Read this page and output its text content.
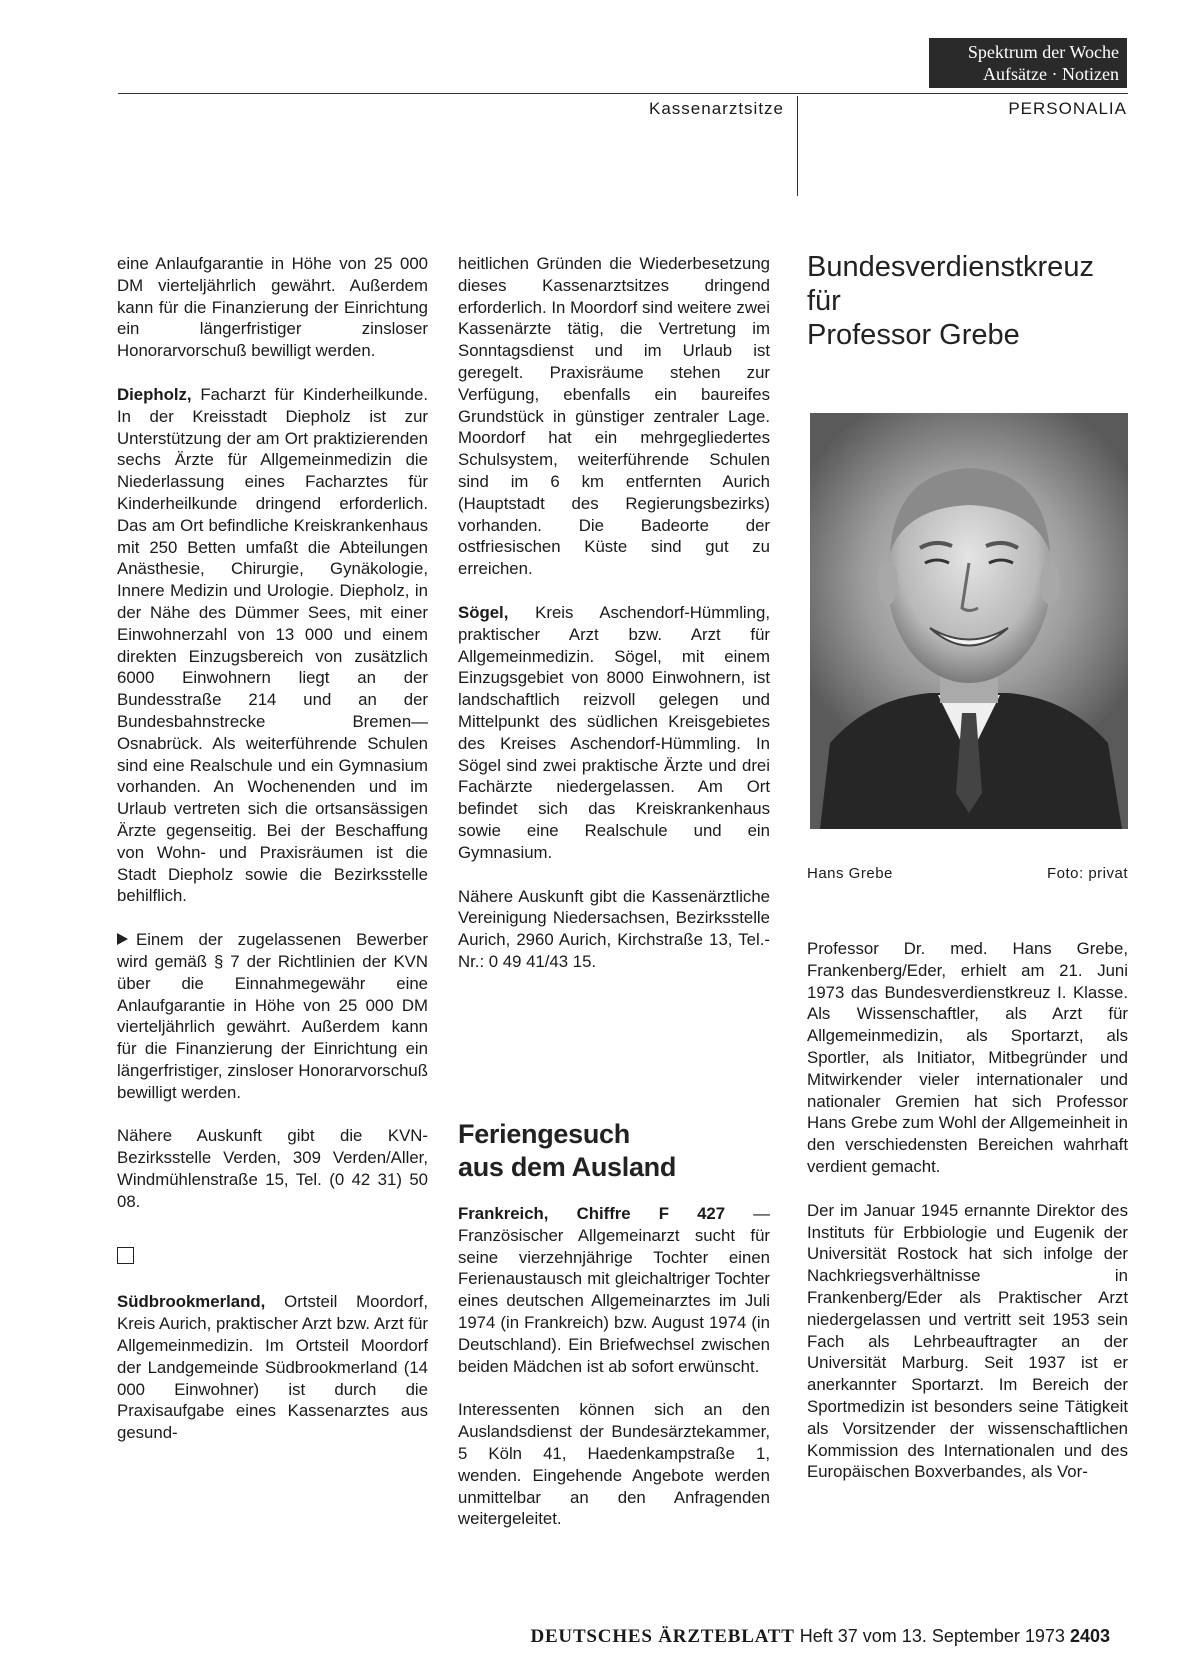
Spektrum der Woche
Aufsätze · Notizen
Kassenarztsitze	PERSONALIA

eine Anlaufgarantie in Höhe von 25 000 DM vierteljährlich gewährt. Außerdem kann für die Finanzierung der Einrichtung ein längerfristiger zinsloser Honorarvorschuß bewilligt werden.

Diepholz, Facharzt für Kinderheilkunde. In der Kreisstadt Diepholz ist zur Unterstützung der am Ort praktizierenden sechs Ärzte für Allgemeinmedizin die Niederlassung eines Facharztes für Kinderheilkunde dringend erforderlich. Das am Ort befindliche Kreiskrankenhaus mit 250 Betten umfaßt die Abteilungen Anästhesie, Chirurgie, Gynäkologie, Innere Medizin und Urologie. Diepholz, in der Nähe des Dümmer Sees, mit einer Einwohnerzahl von 13 000 und einem direkten Einzugsbereich von zusätzlich 6000 Einwohnern liegt an der Bundesstraße 214 und an der Bundesbahnstrecke Bremen—Osnabrück. Als weiterführende Schulen sind eine Realschule und ein Gymnasium vorhanden. An Wochenenden und im Urlaub vertreten sich die ortsansässigen Ärzte gegenseitig. Bei der Beschaffung von Wohn- und Praxisräumen ist die Stadt Diepholz sowie die Bezirksstelle behilflich.

Einem der zugelassenen Bewerber wird gemäß § 7 der Richtlinien der KVN über die Einnahmegewähr eine Anlaufgarantie in Höhe von 25 000 DM vierteljährlich gewährt. Außerdem kann für die Finanzierung der Einrichtung ein längerfristiger, zinsloser Honorarvorschuß bewilligt werden.

Nähere Auskunft gibt die KVN-Bezirksstelle Verden, 309 Verden/Aller, Windmühlenstraße 15, Tel. (0 42 31) 50 08.

Südbrookmerland, Ortsteil Moordorf, Kreis Aurich, praktischer Arzt bzw. Arzt für Allgemeinmedizin. Im Ortsteil Moordorf der Landgemeinde Südbrookmerland (14 000 Einwohner) ist durch die Praxisaufgabe eines Kassenarztes aus gesund-

heitlichen Gründen die Wiederbesetzung dieses Kassenarztsitzes dringend erforderlich. In Moordorf sind weitere zwei Kassenärzte tätig, die Vertretung im Sonntagsdienst und im Urlaub ist geregelt. Praxisräume stehen zur Verfügung, ebenfalls ein baureifes Grundstück in günstiger zentraler Lage. Moordorf hat ein mehrgegliedertes Schulsystem, weiterführende Schulen sind im 6 km entfernten Aurich (Hauptstadt des Regierungsbezirks) vorhanden. Die Badeorte der ostfriesischen Küste sind gut zu erreichen.

Sögel, Kreis Aschendorf-Hümmling, praktischer Arzt bzw. Arzt für Allgemeinmedizin. Sögel, mit einem Einzugsgebiet von 8000 Einwohnern, ist landschaftlich reizvoll gelegen und Mittelpunkt des südlichen Kreisgebietes des Kreises Aschendorf-Hümmling. In Sögel sind zwei praktische Ärzte und drei Fachärzte niedergelassen. Am Ort befindet sich das Kreiskrankenhaus sowie eine Realschule und ein Gymnasium.

Nähere Auskunft gibt die Kassenärztliche Vereinigung Niedersachsen, Bezirksstelle Aurich, 2960 Aurich, Kirchstraße 13, Tel.-Nr.: 0 49 41/43 15.

Feriengesuch
aus dem Ausland

Frankreich, Chiffre F 427 — Französischer Allgemeinarzt sucht für seine vierzehnjährige Tochter einen Ferienaustausch mit gleichaltriger Tochter eines deutschen Allgemeinarztes im Juli 1974 (in Frankreich) bzw. August 1974 (in Deutschland). Ein Briefwechsel zwischen beiden Mädchen ist ab sofort erwünscht.

Interessenten können sich an den Auslandsdienst der Bundesärztekammer, 5 Köln 41, Haedenkampstraße 1, wenden. Eingehende Angebote werden unmittelbar an den Anfragenden weitergeleitet.

Bundesverdienstkreuz
für
Professor Grebe
Hans Grebe	Foto: privat

Professor Dr. med. Hans Grebe, Frankenberg/Eder, erhielt am 21. Juni 1973 das Bundesverdienstkreuz I. Klasse. Als Wissenschaftler, als Arzt für Allgemeinmedizin, als Sportarzt, als Sportler, als Initiator, Mitbegründer und Mitwirkender vieler internationaler und nationaler Gremien hat sich Professor Hans Grebe zum Wohl der Allgemeinheit in den verschiedensten Bereichen wahrhaft verdient gemacht.

Der im Januar 1945 ernannte Direktor des Instituts für Erbbiologie und Eugenik der Universität Rostock hat sich infolge der Nachkriegsverhältnisse in Frankenberg/Eder als Praktischer Arzt niedergelassen und vertritt seit 1953 sein Fach als Lehrbeauftragter an der Universität Marburg. Seit 1937 ist er anerkannter Sportarzt. Im Bereich der Sportmedizin ist besonders seine Tätigkeit als Vorsitzender der wissenschaftlichen Kommission des Internationalen und des Europäischen Boxverbandes, als Vor-

DEUTSCHES ÄRZTEBLATT Heft 37 vom 13. September 1973 2403
